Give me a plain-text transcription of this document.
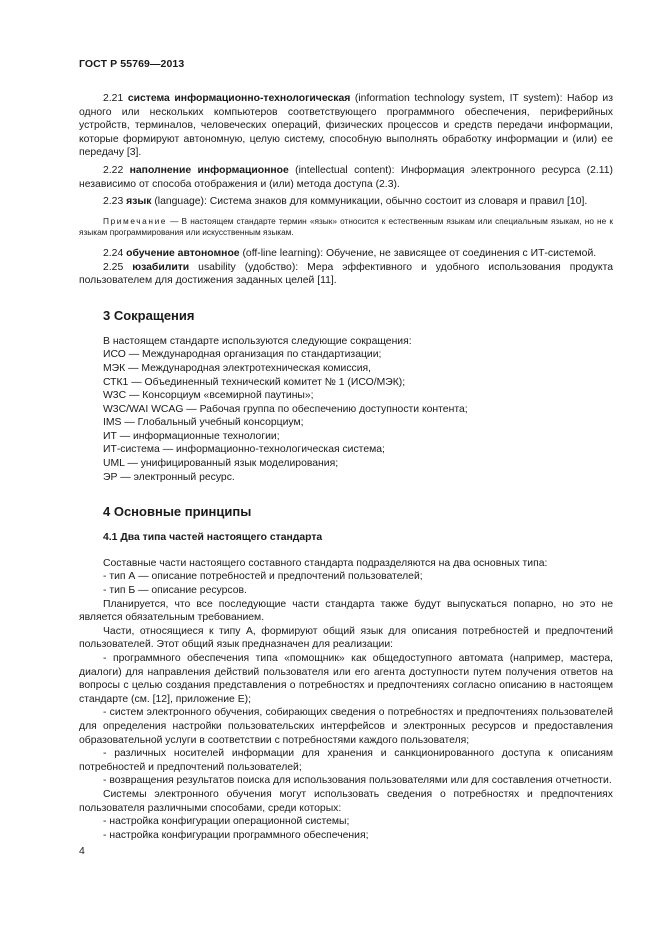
ГОСТ Р 55769—2013

2.21 система информационно-технологическая (information technology system, IT system): Набор из одного или нескольких компьютеров соответствующего программного обеспечения, периферийных устройств, терминалов, человеческих операций, физических процессов и средств передачи информации, которые формируют автономную, целую систему, способную выполнять обработку информации и (или) ее передачу [3].

2.22 наполнение информационное (intellectual content): Информация электронного ресурса (2.11) независимо от способа отображения и (или) метода доступа (2.3).

2.23 язык (language): Система знаков для коммуникации, обычно состоит из словаря и правил [10].

Примечание — В настоящем стандарте термин «язык» относится к естественным языкам или специальным языкам, но не к языкам программирования или искусственным языкам.

2.24 обучение автономное (off-line learning): Обучение, не зависящее от соединения с ИТ-системой.

2.25 юзабилити usability (удобство): Мера эффективного и удобного использования продукта пользователем для достижения заданных целей [11].

3 Сокращения

В настоящем стандарте используются следующие сокращения:

ИСО — Международная организация по стандартизации;

МЭК — Международная электротехническая комиссия,

СТК1 — Объединенный технический комитет № 1 (ИСО/МЭК);

W3C — Консорциум «всемирной паутины»;

W3C/WAI WCAG — Рабочая группа по обеспечению доступности контента;

IMS — Глобальный учебный консорциум;

ИТ — информационные технологии;

ИТ-система — информационно-технологическая система;

UML — унифицированный язык моделирования;

ЭР — электронный ресурс.

4 Основные принципы

4.1 Два типа частей настоящего стандарта

Составные части настоящего составного стандарта подразделяются на два основных типа:

- тип А — описание потребностей и предпочтений пользователей;

- тип Б — описание ресурсов.

Планируется, что все последующие части стандарта также будут выпускаться попарно, но это не является обязательным требованием.

Части, относящиеся к типу А, формируют общий язык для описания потребностей и предпочтений пользователей. Этот общий язык предназначен для реализации:

- программного обеспечения типа «помощник» как общедоступного автомата (например, мастера, диалоги) для направления действий пользователя или его агента доступности путем получения ответов на вопросы с целью создания представления о потребностях и предпочтениях согласно описанию в настоящем стандарте (см. [12], приложение Е);

- систем электронного обучения, собирающих сведения о потребностях и предпочтениях пользователей для определения настройки пользовательских интерфейсов и электронных ресурсов и предоставления образовательной услуги в соответствии с потребностями каждого пользователя;

- различных носителей информации для хранения и санкционированного доступа к описаниям потребностей и предпочтений пользователей;

- возвращения результатов поиска для использования пользователями или для составления отчетности.

Системы электронного обучения могут использовать сведения о потребностях и предпочтениях пользователя различными способами, среди которых:

- настройка конфигурации операционной системы;

- настройка конфигурации программного обеспечения;

4
